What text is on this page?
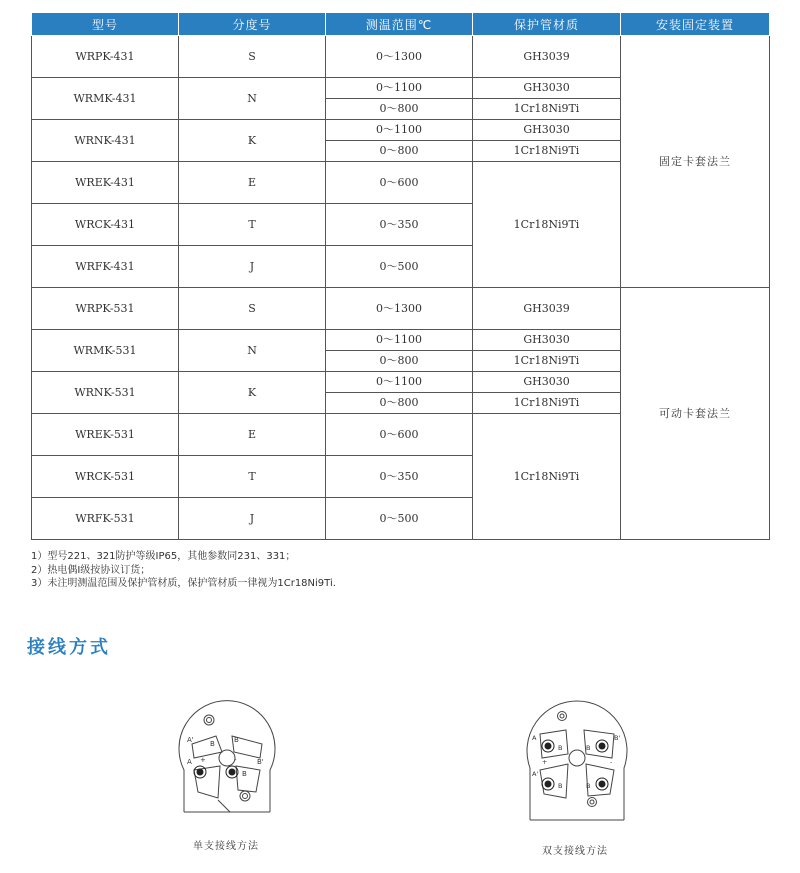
型号	分度号	测温范围℃	保护管材质	安装固定装置
WRPK-431	S	0～1300	GH3039	固定卡套法兰
WRMK-431	N	0～1100	GH3030	
		0～800	1Cr18Ni9Ti	
WRNK-431	K	0～1100	GH3030	
		0～800	1Cr18Ni9Ti	
WREK-431	E	0～600	1Cr18Ni9Ti	
WRCK-431	T	0～350		
WRFK-431	J	0～500		
WRPK-531	S	0～1300	GH3039	可动卡套法兰
WRMK-531	N	0～1100	GH3030	
		0～800	1Cr18Ni9Ti	
WRNK-531	K	0～1100	GH3030	
		0～800	1Cr18Ni9Ti	
WREK-531	E	0～600	1Cr18Ni9Ti	
WRCK-531	T	0～350		
WRFK-531	J	0～500		
1）型号221、321防护等级IP65，其他参数同231、331；
2）热电偶I级按协议订货；
3）未注明测温范围及保护管材质，保护管材质一律视为1Cr18Ni9Ti.
接线方式
A'
A
B	B
B
B'
+	-
单支接线方法
A
B	B
B'
A'
B	B
+	-
双支接线方法
